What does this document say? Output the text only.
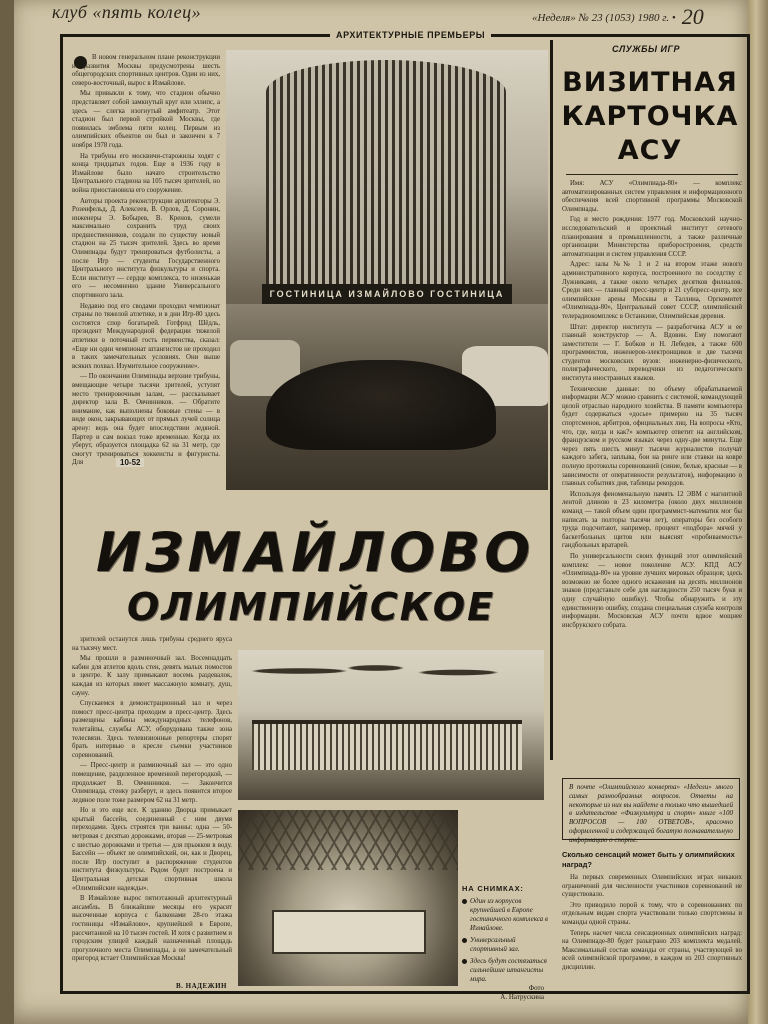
клуб «пять колец»	«Неделя» № 23 (1053) 1980 г. • 20
АРХИТЕКТУРНЫЕ ПРЕМЬЕРЫ
СЛУЖБЫ ИГР

В новом генеральном плане реконструкции и развития Москвы предусмотрены шесть общегородских спортивных центров. Один из них, северо-восточный, вырос в Измайлове.

Мы привыкли к тому, что стадион обычно представляет собой замкнутый круг или эллипс, а здесь — слегка изогнутый амфитеатр. Этот стадион был первой стройкой Москвы, где появилась эмблема пяти колец. Первым из олимпийских объектов он был и закончен к 7 ноября 1978 года.

На трибуны его москвичи-старожилы ходят с конца тридцатых годов. Еще в 1936 году в Измайлове было начато строительство Центрального стадиона на 105 тысяч зрителей, но война приостановила его сооружение.

Авторы проекта реконструкции архитекторы Э. Розенфельд, Д. Алексеев, В. Орлов, Д. Соронин, инженеры Э. Бобырев, В. Кренов, сумели максимально сохранить труд своих предшественников, создали по существу новый стадион на 25 тысяч зрителей. Здесь во время Олимпиады будут тренироваться футболисты, а после Игр — студенты Государственного Центрального института физкультуры и спорта. Если институт — сердце комплекса, то низенькая его — несомненно здание Универсального спортивного зала.

Недавно под его сводами проходил чемпионат страны по тяжелой атлетике, и в дни Игр-80 здесь состоятся спор богатырей. Готфрид Шёдль, президент Международной федерации тяжелой атлетики в поточный гость первенства, сказал: «Еще ни один чемпионат штангистов не проходил в таких замечательных условиях. Они выше всяких похвал. Изумительное сооружение».

— По окончании Олимпиады верхние трибуны, вмещающие четыре тысячи зрителей, уступят место тренировочным залам, — рассказывает директор зала В. Овчинников. — Обратите внимание, как выполнены боковые стены — в виде окон, закрывающих от прямых лучей солнца арену: ведь она будет впоследствии ледяной. Партер и сам вокзал тоже временные. Когда их уберут, образуется площадка 62 на 31 метр, где смогут тренироваться хоккеисты и фигуристы. Для

ГОСТИНИЦА ИЗМАЙЛОВО ГОСТИНИЦА
10-52
ИЗМАЙЛОВО
ОЛИМПИЙСКОЕ

зрителей останутся лишь трибуны среднего яруса на тысячу мест.

Мы прошли в разминочный зал. Восемнадцать кабин для атлетов вдоль стен, девять малых помостов в центре. К залу примыкают восемь раздевалок, каждая из которых имеет массажную комнату, душ, сауну.

Спускаемся в демонстрационный зал и через помост пресс-центра проходим в пресс-центр. Здесь размещены кабины международных телефонов, телетайпы, службы АСУ, оборудована также зона телесвязи. Здесь телевизионные репортеры спорят брать интервью в кресле съемки участников соревнований.

— Пресс-центр и разминочный зал — это одно помещение, разделенное временной перегородкой, — продолжает В. Овчинников. — Закончится Олимпиада, стенку разберут, и здесь появится второе ледяное поле тоже размером 62 на 31 метр.

Но и это еще все. К зданию Дворца примыкает крытый бассейн, соединенный с ним двумя переходами. Здесь строятся три ванны: одна — 50-метровая с десятью дорожками, вторая — 25-метровая с шестью дорожками и третья — для прыжков в воду. Бассейн — объект не олимпийский, он, как и Дворец, после Игр поступит в распоряжение студентов института физкультуры. Рядом будет построена и Центральная детская спортивная школа «Олимпийские надежды».

В Измайлове вырос пятиэтажный архитектурный ансамбль. В ближайшие месяцы его украсят высоченные корпуса с балконами 28-го этажа гостиницы «Измайлово», крупнейшей в Европе, рассчитанной на 10 тысяч гостей. И хотя с развитием и городским улицей каждый назначенный площадь прогулочного места Олимпиады, а он замечательный пригород встает Олимпийская Москва!

В. НАДЕЖИН
НА СНИМКАХ:
Один из корпусов крупнейшей в Европе гостиничного комплекса в Измайлове.
Универсальный спортивный зал.
Здесь будут состязаться сильнейшие штангисты мира.
Фото
А. Натрускина
ВИЗИТНАЯ
КАРТОЧКА
АСУ

Имя: АСУ «Олимпиада-80» — комплекс автоматизированных систем управления и информационного обеспечения всей спортивной программы Московской Олимпиады.

Год и место рождения: 1977 год. Московский научно-исследовательский и проектный институт сетевого планирования в промышленности, а также различные организации Министерства приборостроения, средств автоматизации и систем управления СССР.

Адрес: залы №№ 1 и 2 на втором этаже нового административного корпуса, построенного по соседству с Лужниками, а также около четырех десятков филиалов. Среди них — главный пресс-центр и 21 субпресс-центр, все олимпийские арены Москвы и Таллина, Оргкомитет «Олимпиада-80», Центральный совет СССР, олимпийский телерадиокомплекс в Останкине, Олимпийская деревня.

Штат: директор института — разработчика АСУ и ее главный конструктор — А. Вдовин. Ему помогают заместители — Г. Бобков и Н. Лебедев, а также 600 программистов, инженеров-электронщиков и две тысячи студентов московских вузов: инженерно-физического, полиграфического, переводчики из педагогического института иностранных языков.

Технические данные: по объему обрабатываемой информации АСУ можно сравнить с системой, командующей целой отраслью народного хозяйства. В памяти компьютера будет содержаться «досье» примерно на 35 тысяч спортсменов, арбитров, официальных лиц. На вопросы «Кто, что, где, когда и как?» компьютер ответит на английском, французском и русском языках через одну-две минуты. Еще через пять шесть минут тысячи журналистов получат каждого забега, заплыва, бои на ринге или ставки на ковре полную протоколы соревнований (синие, белые, красные — в зависимости от оперативности результатов), информацию о главных событиях дня, таблицы рекордов.

Используя феноменальную память 12 ЭВМ с магнитной лентой длиною в 23 километра (около двух миллионов команд — такой объем один программист-математик мог бы написать за полторы тысячи лет), операторы без особого труда подсчитают, например, процент «подбора» мячей у баскетбольных щитов или выяснят «пробиваемость» гандбольных вратарей.

По универсальности своих функций этот олимпийский комплекс — новое поколение АСУ. КПД АСУ «Олимпиада-80» на уровне лучших мировых образцов; здесь возможно не более одного искажения на десять миллионов знаков (представьте себе для наглядности 250 тысяч букв и одну случайную ошибку). Чтобы обнаружить и эту единственную ошибку, создана специальная служба контроля информации. Московская АСУ почти вдвое мощнее инсбрукского собрата.

В почте «Олимпийского конверта» «Недели» много самых разнообразных вопросов. Ответы на некоторые из них вы найдете в только что вышедшей в издательстве «Физкультура и спорт» книге «100 ВОПРОСОВ — 100 ОТВЕТОВ», красочно оформленной и содержащей богатую познавательную информацию о спорте.
Сколько сенсаций может быть у олимпийских наград?

На первых современных Олимпийских играх никаких ограничений для численности участников соревнований не существовало.

Это приводило порой к тому, что в соревнованиях по отдельным видам спорта участвовали только спортсмены и команды одной страны.

Теперь насчет числа сенсационных олимпийских наград: на Олимпиаде-80 будет разыграно 203 комплекта медалей. Максимальный состав команды от страны, участвующей во всей олимпийской программе, в каждом из 203 спортивных дисциплин.
